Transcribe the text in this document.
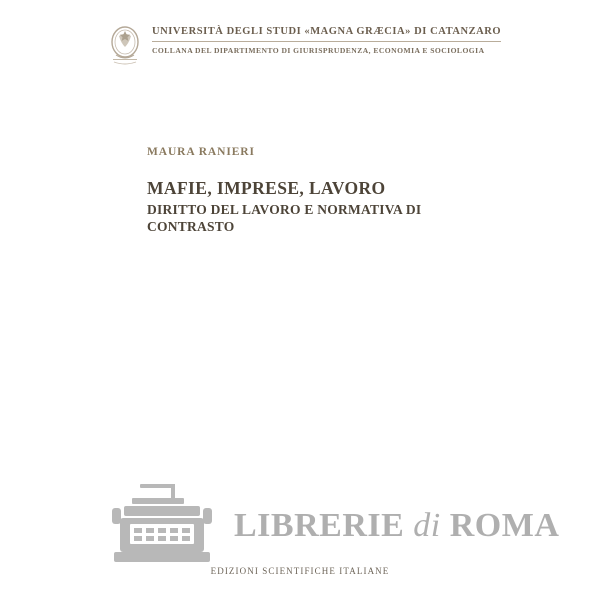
UNIVERSITÀ DEGLI STUDI «MAGNA GRÆCIA» DI CATANZARO
COLLANA DEL DIPARTIMENTO DI GIURISPRUDENZA, ECONOMIA E SOCIOLOGIA
MAURA RANIERI
MAFIE, IMPRESE, LAVORO
DIRITTO DEL LAVORO E NORMATIVA DI CONTRASTO
LIBRERIE di ROMA
EDIZIONI SCIENTIFICHE ITALIANE
